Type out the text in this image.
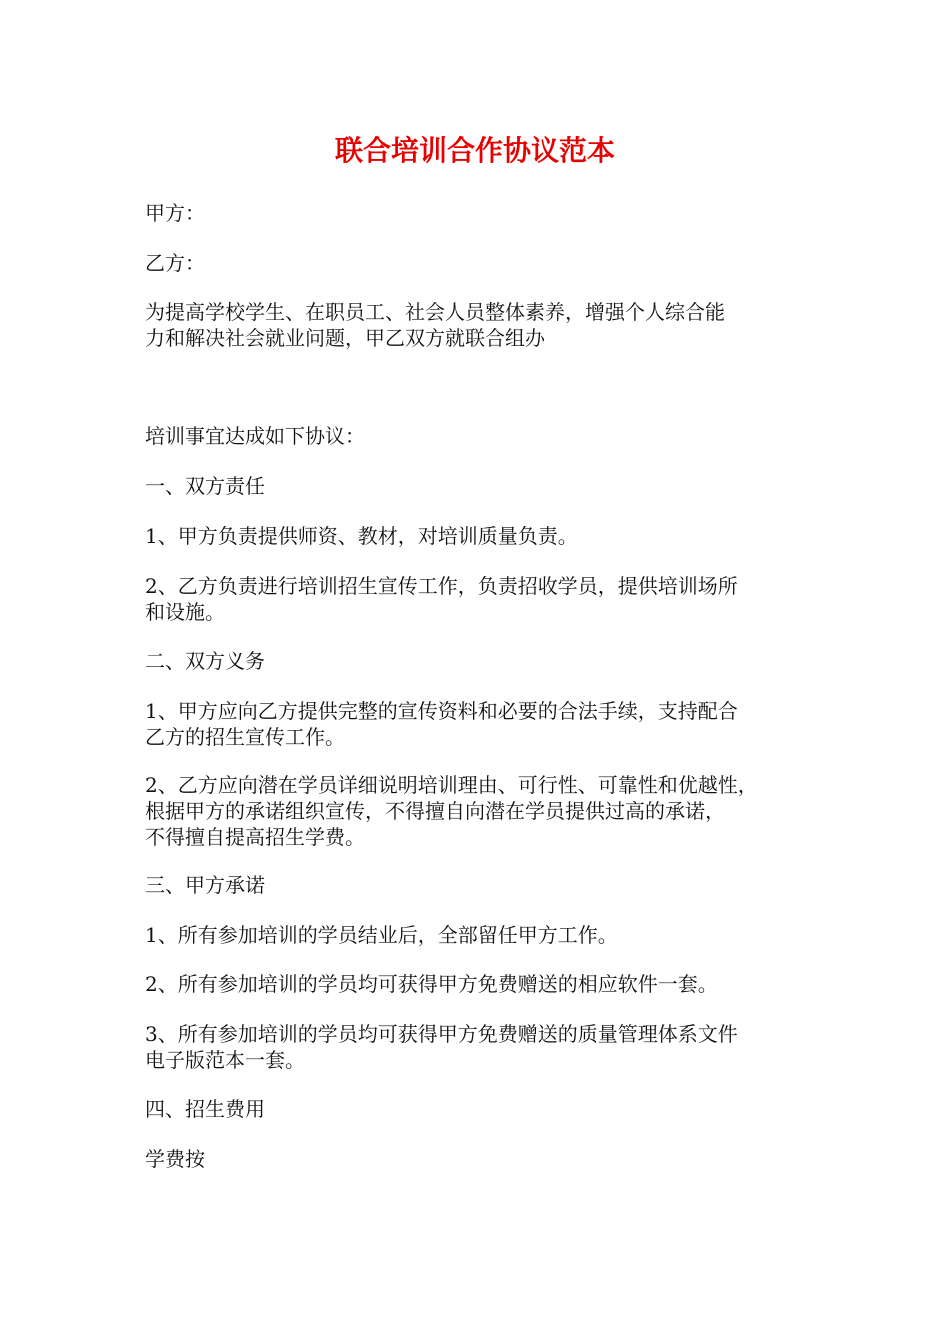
联合培训合作协议范本

甲方：

乙方：

为提高学校学生、在职员工、社会人员整体素养，增强个人综合能

力和解决社会就业问题，甲乙双方就联合组办

培训事宜达成如下协议：

一、双方责任

1、甲方负责提供师资、教材，对培训质量负责。

2、乙方负责进行培训招生宣传工作，负责招收学员，提供培训场所

和设施。

二、双方义务

1、甲方应向乙方提供完整的宣传资料和必要的合法手续，支持配合

乙方的招生宣传工作。

2、乙方应向潜在学员详细说明培训理由、可行性、可靠性和优越性，

根据甲方的承诺组织宣传，不得擅自向潜在学员提供过高的承诺，

不得擅自提高招生学费。

三、甲方承诺

1、所有参加培训的学员结业后，全部留任甲方工作。

2、所有参加培训的学员均可获得甲方免费赠送的相应软件一套。

3、所有参加培训的学员均可获得甲方免费赠送的质量管理体系文件

电子版范本一套。

四、招生费用

学费按
